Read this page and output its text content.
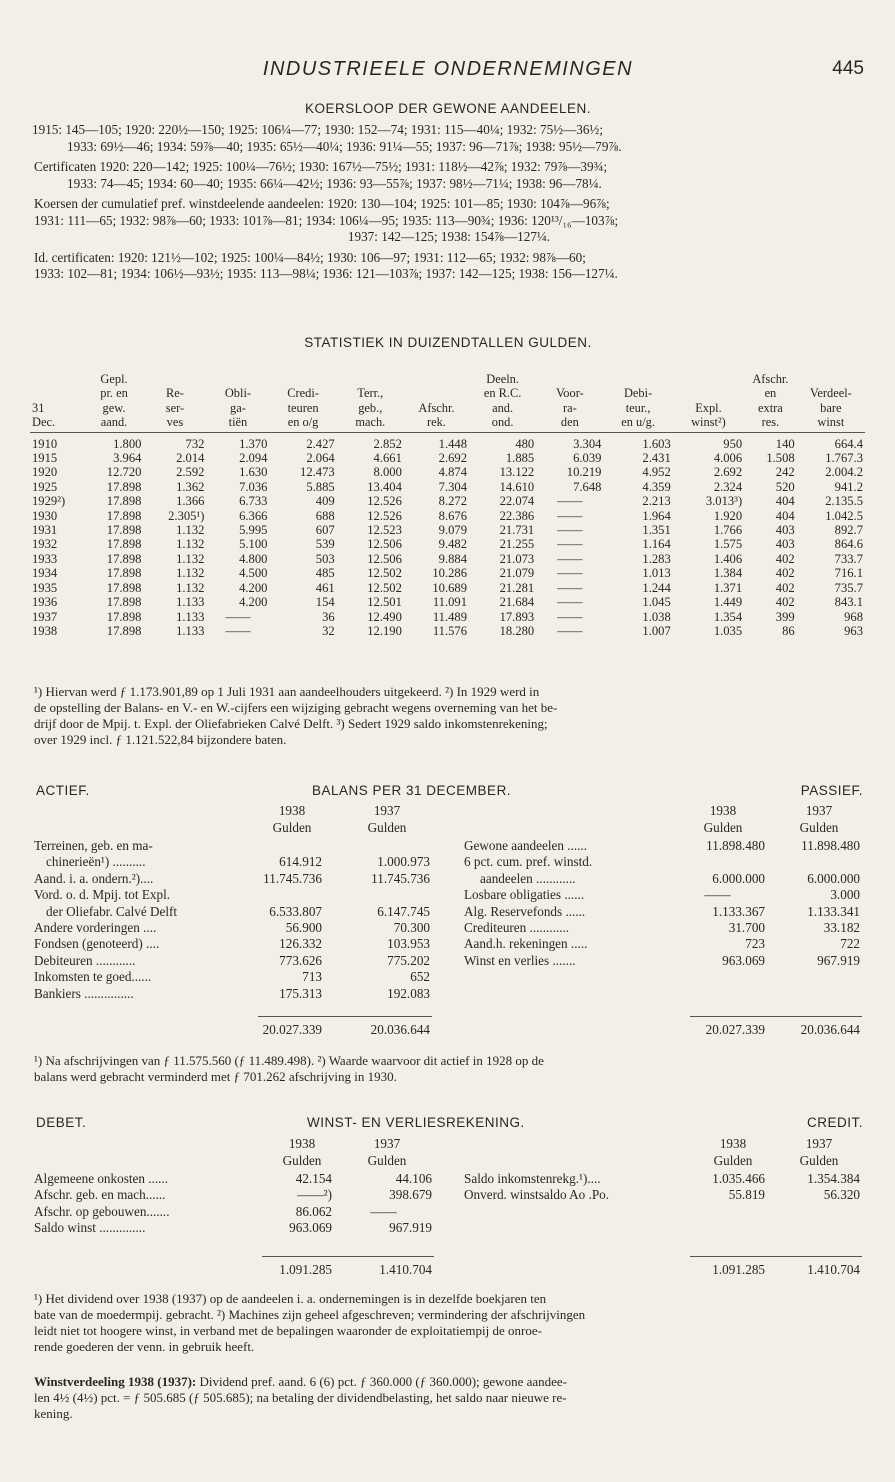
INDUSTRIEELE ONDERNEMINGEN	445
KOERSLOOP DER GEWONE AANDEELEN.
1915: 145—105; 1920: 220½—150; 1925: 106¼—77; 1930: 152—74; 1931: 115—40¼; 1932: 75½—36½;
1933: 69½—46; 1934: 59⅞—40; 1935: 65½—40¼; 1936: 91¼—55; 1937: 96—71⅞; 1938: 95½—79⅞.
Certificaten 1920: 220—142; 1925: 100¼—76½; 1930: 167½—75½; 1931: 118½—42⅞; 1932: 79⅞—39¾;
1933: 74—45; 1934: 60—40; 1935: 66¼—42½; 1936: 93—55⅞; 1937: 98½—71¼; 1938: 96—78¼.
Koersen der cumulatief pref. winstdeelende aandeelen: 1920: 130—104; 1925: 101—85; 1930: 104⅞—96⅞;
1931: 111—65; 1932: 98⅞—60; 1933: 101⅞—81; 1934: 106¼—95; 1935: 113—90¾; 1936: 120¹³/₁₆—103⅞;
1937: 142—125; 1938: 154⅞—127¼.
Id. certificaten: 1920: 121½—102; 1925: 100¼—84½; 1930: 106—97; 1931: 112—65; 1932: 98⅞—60;
1933: 102—81; 1934: 106½—93½; 1935: 113—98¼; 1936: 121—103⅞; 1937: 142—125; 1938: 156—127¼.
STATISTIEK IN DUIZENDTALLEN GULDEN.
	Gepl.						Deeln.				Afschr.	
	pr. en	Re-	Obli-	Credi-	Terr.,		en R.C.	Voor-	Debi-		en	Verdeel-
31	gew.	ser-	ga-	teuren	geb.,	Afschr.	and.	ra-	teur.,	Expl.	extra	bare
Dec.	aand.	ves	tiën	en o/g	mach.	rek.	ond.	den	en u/g.	winst²)	res.	winst
1910	1.800	732	1.370	2.427	2.852	1.448	480	3.304	1.603	950	140	664.4
1915	3.964	2.014	2.094	2.064	4.661	2.692	1.885	6.039	2.431	4.006	1.508	1.767.3
1920	12.720	2.592	1.630	12.473	8.000	4.874	13.122	10.219	4.952	2.692	242	2.004.2
1925	17.898	1.362	7.036	5.885	13.404	7.304	14.610	7.648	4.359	2.324	520	941.2
1929²)	17.898	1.366	6.733	409	12.526	8.272	22.074	——	2.213	3.013³)	404	2.135.5
1930	17.898	2.305¹)	6.366	688	12.526	8.676	22.386	——	1.964	1.920	404	1.042.5
1931	17.898	1.132	5.995	607	12.523	9.079	21.731	——	1.351	1.766	403	892.7
1932	17.898	1.132	5.100	539	12.506	9.482	21.255	——	1.164	1.575	403	864.6
1933	17.898	1.132	4.800	503	12.506	9.884	21.073	——	1.283	1.406	402	733.7
1934	17.898	1.132	4.500	485	12.502	10.286	21.079	——	1.013	1.384	402	716.1
1935	17.898	1.132	4.200	461	12.502	10.689	21.281	——	1.244	1.371	402	735.7
1936	17.898	1.133	4.200	154	12.501	11.091	21.684	——	1.045	1.449	402	843.1
1937	17.898	1.133	——	36	12.490	11.489	17.893	——	1.038	1.354	399	968
1938	17.898	1.133	——	32	12.190	11.576	18.280	——	1.007	1.035	86	963
¹) Hiervan werd ƒ 1.173.901,89 op 1 Juli 1931 aan aandeelhouders uitgekeerd. ²) In 1929 werd in
de opstelling der Balans- en V.- en W.-cijfers een wijziging gebracht wegens overneming van het be-
drijf door de Mpij. t. Expl. der Oliefabrieken Calvé Delft. ³) Sedert 1929 saldo inkomstenrekening;
over 1929 incl. ƒ 1.121.522,84 bijzondere baten.
ACTIEF.	BALANS PER 31 DECEMBER.	PASSIEF.
1938	1937
Gulden	Gulden
1938	1937
Gulden	Gulden
Terreinen, geb. en ma-
chinerieën¹) ..........	614.912	1.000.973
Aand. i. a. ondern.²)....	11.745.736	11.745.736
Vord. o. d. Mpij. tot Expl.
der Oliefabr. Calvé Delft	6.533.807	6.147.745
Andere vorderingen ....	56.900	70.300
Fondsen (genoteerd) ....	126.332	103.953
Debiteuren ............	773.626	775.202
Inkomsten te goed......	713	652
Bankiers ...............	175.313	192.083
Gewone aandeelen ......	11.898.480	11.898.480
6 pct. cum. pref. winstd.
aandeelen ............	6.000.000	6.000.000
Losbare obligaties ......	——	3.000
Alg. Reservefonds ......	1.133.367	1.133.341
Crediteuren ............	31.700	33.182
Aand.h. rekeningen .....	723	722
Winst en verlies .......	963.069	967.919
20.027.339	20.036.644	20.027.339	20.036.644
¹) Na afschrijvingen van ƒ 11.575.560 (ƒ 11.489.498). ²) Waarde waarvoor dit actief in 1928 op de
balans werd gebracht verminderd met ƒ 701.262 afschrijving in 1930.
DEBET.	WINST- EN VERLIESREKENING.	CREDIT.
1938	1937
Gulden	Gulden
1938	1937
Gulden	Gulden
Algemeene onkosten ......	42.154	44.106
Afschr. geb. en mach......	——²)	398.679
Afschr. op gebouwen.......	86.062	——
Saldo winst ..............	963.069	967.919
Saldo inkomstenrekg.¹)....	1.035.466	1.354.384
Onverd. winstsaldo Ao .Po.	55.819	56.320
1.091.285	1.410.704	1.091.285	1.410.704
¹) Het dividend over 1938 (1937) op de aandeelen i. a. ondernemingen is in dezelfde boekjaren ten
bate van de moedermpij. gebracht. ²) Machines zijn geheel afgeschreven; vermindering der afschrijvingen
leidt niet tot hoogere winst, in verband met de bepalingen waaronder de exploitatiempij de onroe-
rende goederen der venn. in gebruik heeft.
Winstverdeeling 1938 (1937): Dividend pref. aand. 6 (6) pct. ƒ 360.000 (ƒ 360.000); gewone aandee-
len 4½ (4½) pct. = ƒ 505.685 (ƒ 505.685); na betaling der dividendbelasting, het saldo naar nieuwe re-
kening.
